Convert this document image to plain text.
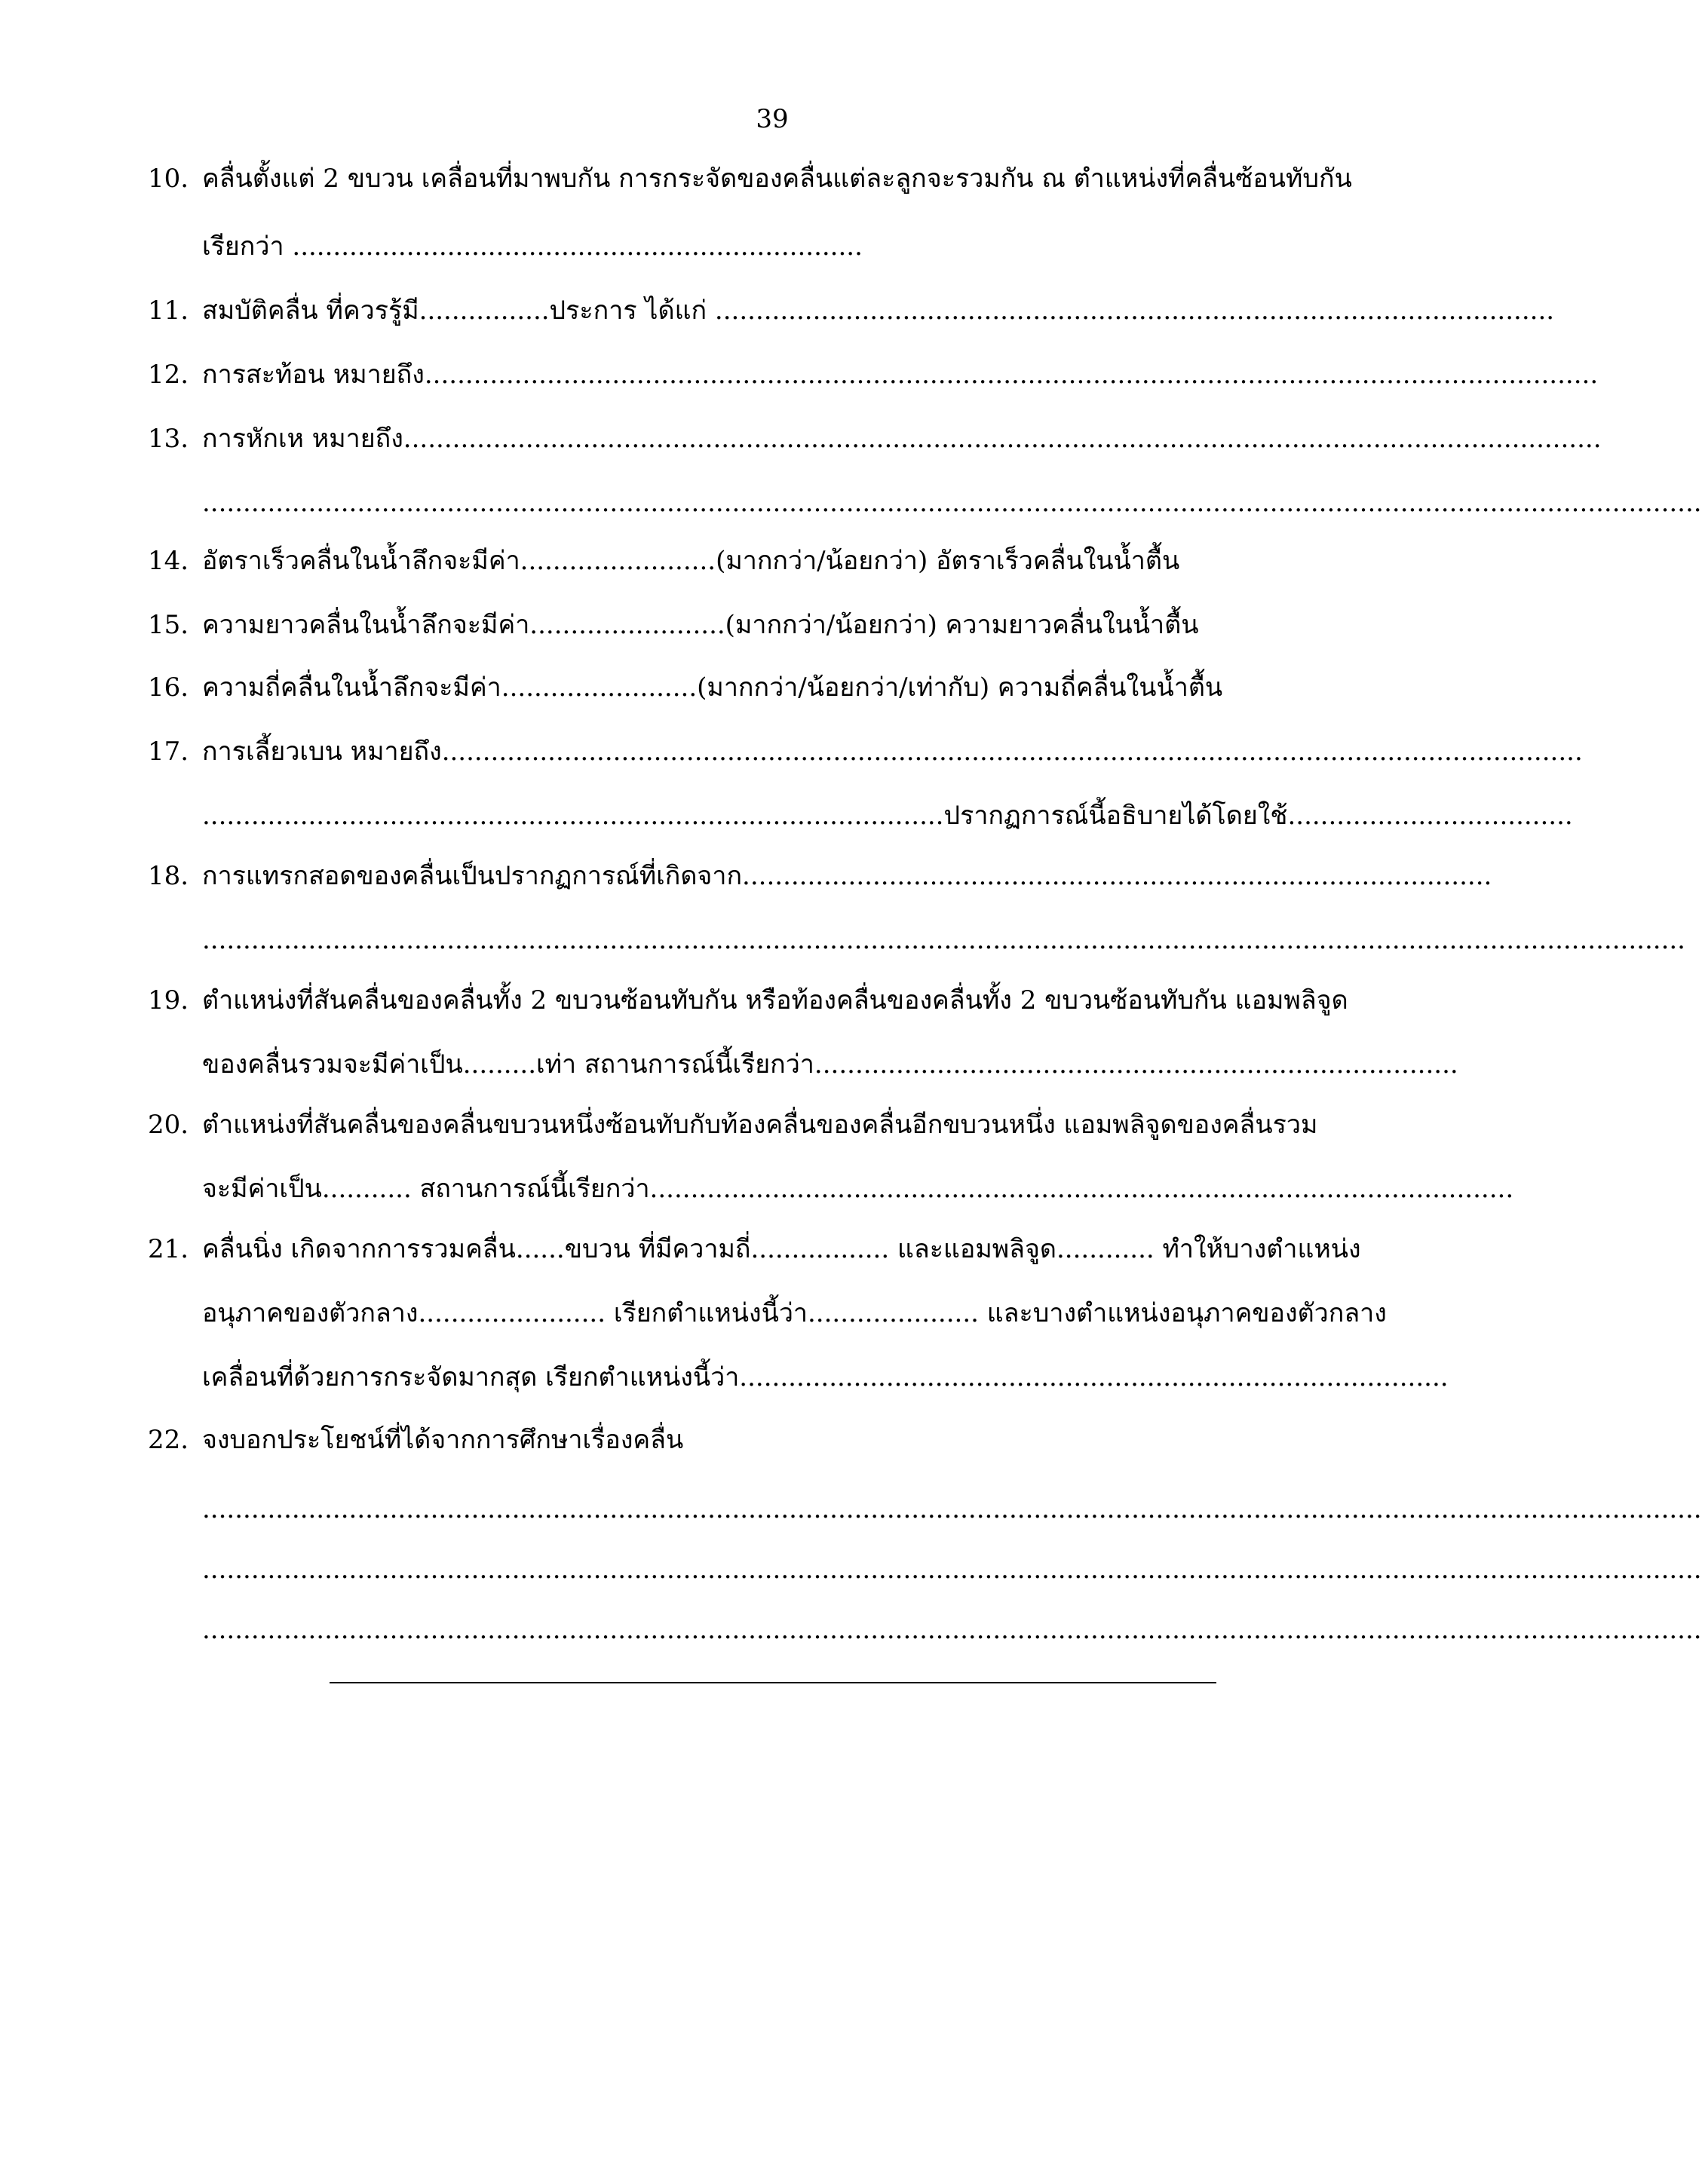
39
10. คลื่นตั้งแต่ 2 ขบวน เคลื่อนที่มาพบกัน การกระจัดของคลื่นแต่ละลูกจะรวมกัน ณ ตำแหน่งที่คลื่นซ้อนทับกัน
เรียกว่า ......................................................................
11. สมบัติคลื่น ที่ควรรู้มี................ประการ ได้แก่ .......................................................................................................
12. การสะท้อน หมายถึง................................................................................................................................................
13. การหักเห หมายถึง...................................................................................................................................................
........................................................................................................................................................................................
14. อัตราเร็วคลื่นในน้ำลึกจะมีค่า........................(มากกว่า/น้อยกว่า) อัตราเร็วคลื่นในน้ำตื้น
15. ความยาวคลื่นในน้ำลึกจะมีค่า........................(มากกว่า/น้อยกว่า) ความยาวคลื่นในน้ำตื้น
16. ความถี่คลื่นในน้ำลึกจะมีค่า........................(มากกว่า/น้อยกว่า/เท่ากับ) ความถี่คลื่นในน้ำตื้น
17. การเลี้ยวเบน หมายถึง............................................................................................................................................
...........................................................................................ปรากฏการณ์นี้อธิบายได้โดยใช้...................................
18. การแทรกสอดของคลื่นเป็นปรากฏการณ์ที่เกิดจาก............................................................................................
......................................................................................................................................................................................
19. ตำแหน่งที่สันคลื่นของคลื่นทั้ง 2 ขบวนซ้อนทับกัน หรือท้องคลื่นของคลื่นทั้ง 2 ขบวนซ้อนทับกัน แอมพลิจูด
ของคลื่นรวมจะมีค่าเป็น.........เท่า สถานการณ์นี้เรียกว่า...............................................................................
20. ตำแหน่งที่สันคลื่นของคลื่นขบวนหนึ่งซ้อนทับกับท้องคลื่นของคลื่นอีกขบวนหนึ่ง แอมพลิจูดของคลื่นรวม
จะมีค่าเป็น........... สถานการณ์นี้เรียกว่า..........................................................................................................
21. คลื่นนิ่ง เกิดจากการรวมคลื่น......ขบวน ที่มีความถี่................. และแอมพลิจูด............ ทำให้บางตำแหน่ง
อนุภาคของตัวกลาง....................... เรียกตำแหน่งนี้ว่า..................... และบางตำแหน่งอนุภาคของตัวกลาง
เคลื่อนที่ด้วยการกระจัดมากสุด เรียกตำแหน่งนี้ว่า.......................................................................................
22. จงบอกประโยชน์ที่ได้จากการศึกษาเรื่องคลื่น
........................................................................................................................................................................................
........................................................................................................................................................................................
........................................................................................................................................................................................
